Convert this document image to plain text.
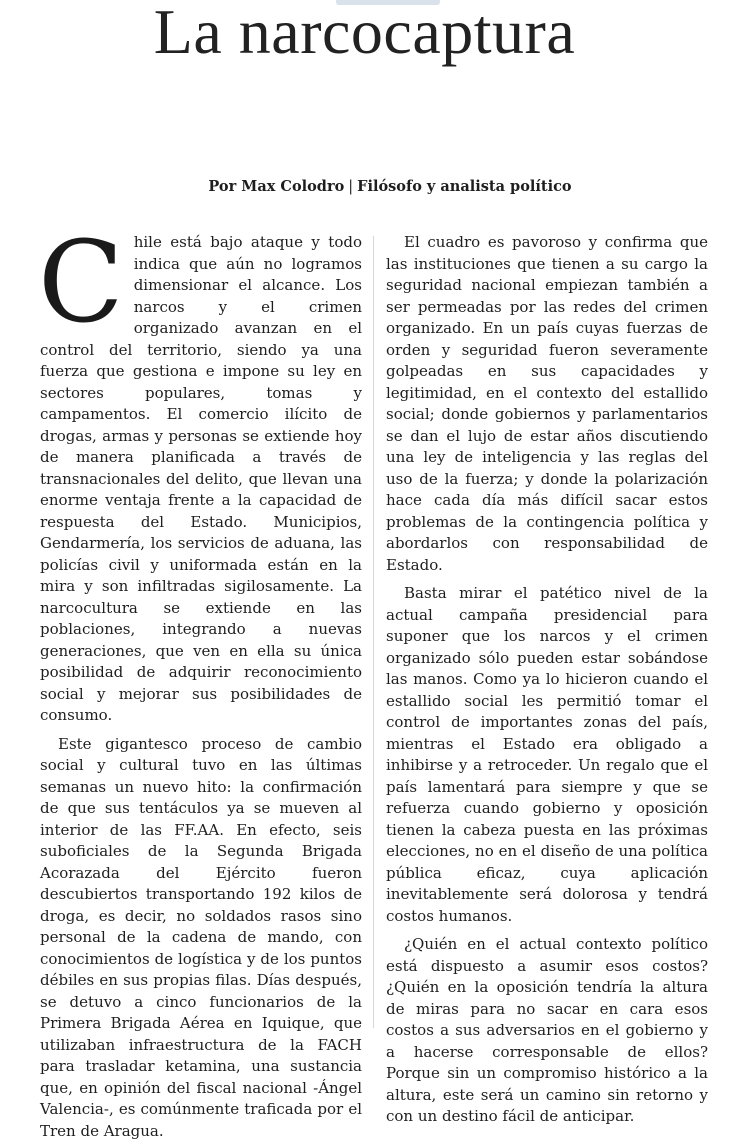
La narcocaptura
Por Max Colodro | Filósofo y analista político

Chile está bajo ataque y todo indica que aún no logramos dimensionar el alcance. Los narcos y el crimen organizado avanzan en el control del territorio, siendo ya una fuerza que gestiona e impone su ley en sectores populares, tomas y campamentos. El comercio ilícito de drogas, armas y personas se extiende hoy de manera planificada a través de transnacionales del delito, que llevan una enorme ventaja frente a la capacidad de respuesta del Estado. Municipios, Gendarmería, los servicios de aduana, las policías civil y uniformada están en la mira y son infiltradas sigilosamente. La narcocultura se extiende en las poblaciones, integrando a nuevas generaciones, que ven en ella su única posibilidad de adquirir reconocimiento social y mejorar sus posibilidades de consumo.

Este gigantesco proceso de cambio social y cultural tuvo en las últimas semanas un nuevo hito: la confirmación de que sus tentáculos ya se mueven al interior de las FF.AA. En efecto, seis suboficiales de la Segunda Brigada Acorazada del Ejército fueron descubiertos transportando 192 kilos de droga, es decir, no soldados rasos sino personal de la cadena de mando, con conocimientos de logística y de los puntos débiles en sus propias filas. Días después, se detuvo a cinco funcionarios de la Primera Brigada Aérea en Iquique, que utilizaban infraestructura de la FACH para trasladar ketamina, una sustancia que, en opinión del fiscal nacional -Ángel Valencia-, es comúnmente traficada por el Tren de Aragua.

El cuadro es pavoroso y confirma que las instituciones que tienen a su cargo la seguridad nacional empiezan también a ser permeadas por las redes del crimen organizado. En un país cuyas fuerzas de orden y seguridad fueron severamente golpeadas en sus capacidades y legitimidad, en el contexto del estallido social; donde gobiernos y parlamentarios se dan el lujo de estar años discutiendo una ley de inteligencia y las reglas del uso de la fuerza; y donde la polarización hace cada día más difícil sacar estos problemas de la contingencia política y abordarlos con responsabilidad de Estado.

Basta mirar el patético nivel de la actual campaña presidencial para suponer que los narcos y el crimen organizado sólo pueden estar sobándose las manos. Como ya lo hicieron cuando el estallido social les permitió tomar el control de importantes zonas del país, mientras el Estado era obligado a inhibirse y a retroceder. Un regalo que el país lamentará para siempre y que se refuerza cuando gobierno y oposición tienen la cabeza puesta en las próximas elecciones, no en el diseño de una política pública eficaz, cuya aplicación inevitablemente será dolorosa y tendrá costos humanos.

¿Quién en el actual contexto político está dispuesto a asumir esos costos? ¿Quién en la oposición tendría la altura de miras para no sacar en cara esos costos a sus adversarios en el gobierno y a hacerse corresponsable de ellos? Porque sin un compromiso histórico a la altura, este será un camino sin retorno y con un destino fácil de anticipar.
